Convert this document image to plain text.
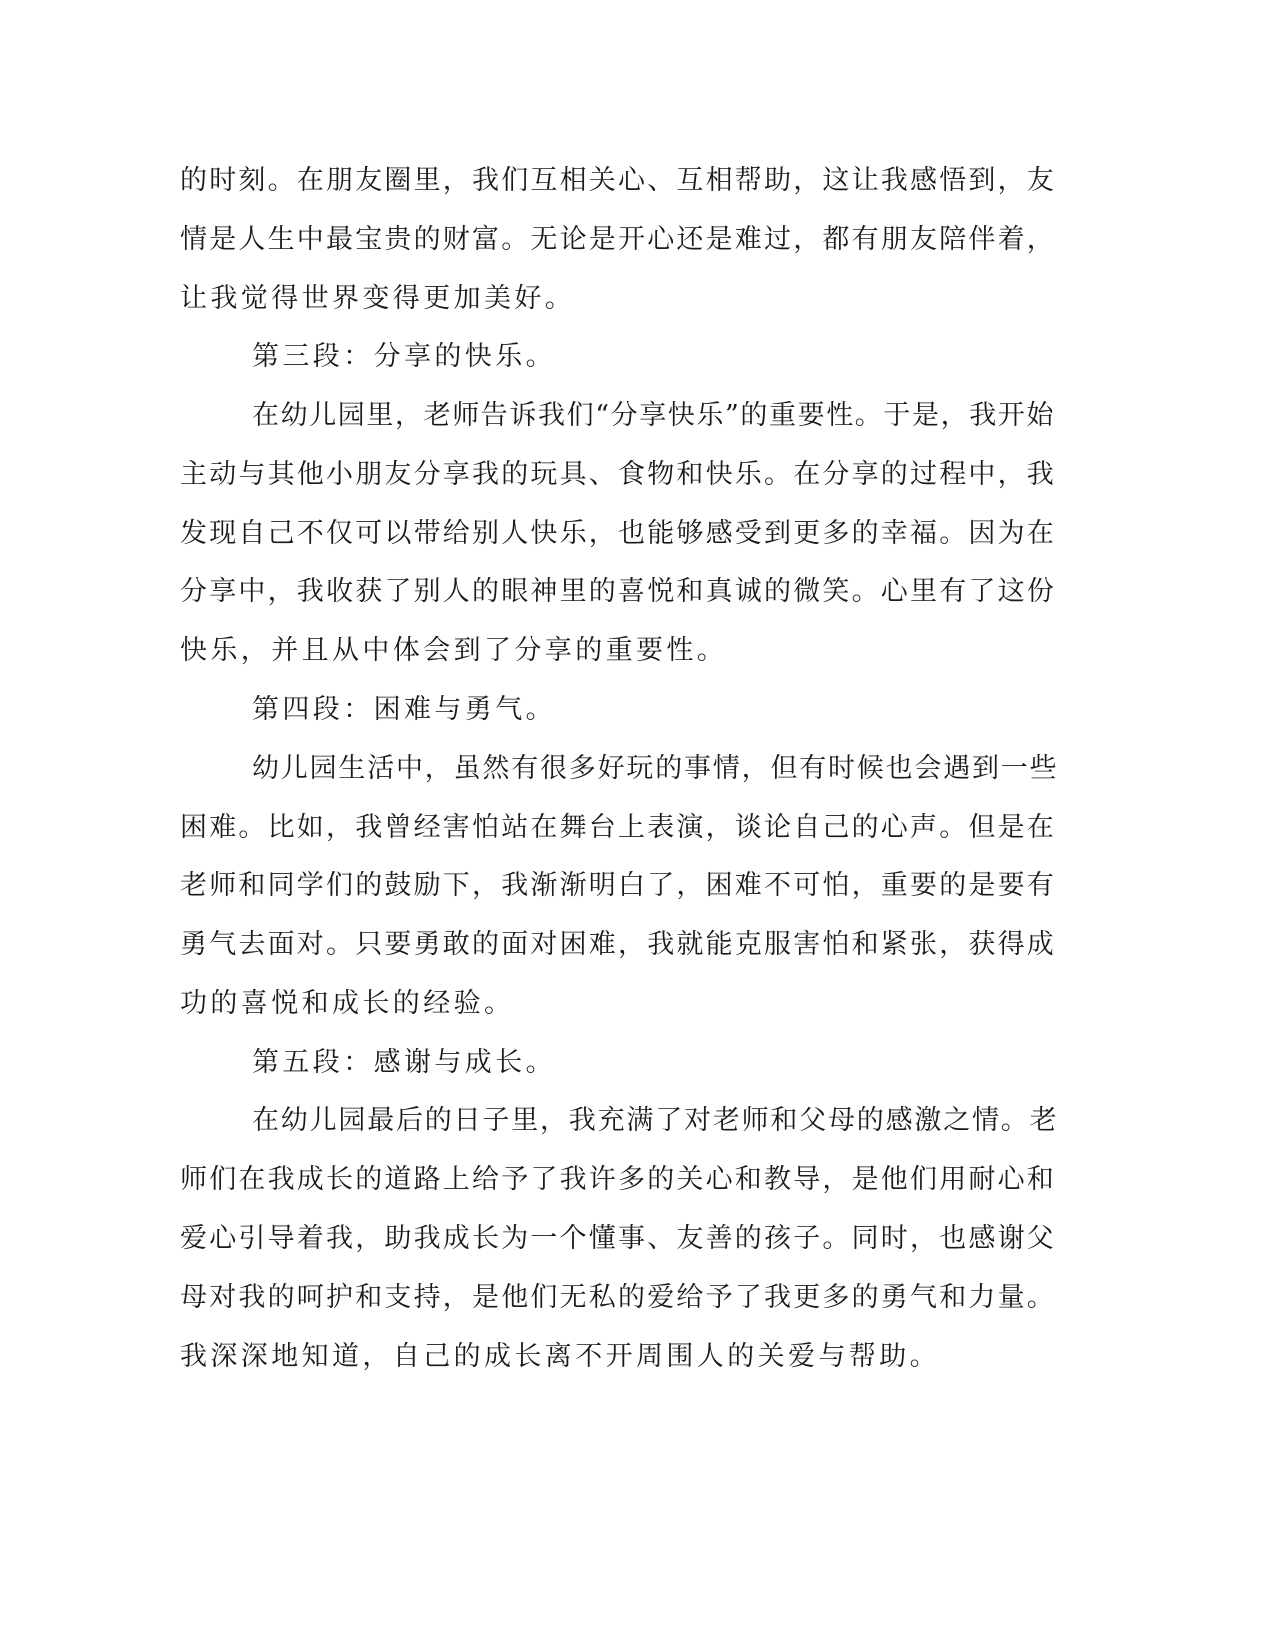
的时刻。在朋友圈里，我们互相关心、互相帮助，这让我感悟到，友
情是人生中最宝贵的财富。无论是开心还是难过，都有朋友陪伴着，
让我觉得世界变得更加美好。
第三段：分享的快乐。
在幼儿园里，老师告诉我们“分享快乐”的重要性。于是，我开始
主动与其他小朋友分享我的玩具、食物和快乐。在分享的过程中，我
发现自己不仅可以带给别人快乐，也能够感受到更多的幸福。因为在
分享中，我收获了别人的眼神里的喜悦和真诚的微笑。心里有了这份
快乐，并且从中体会到了分享的重要性。
第四段：困难与勇气。
幼儿园生活中，虽然有很多好玩的事情，但有时候也会遇到一些
困难。比如，我曾经害怕站在舞台上表演，谈论自己的心声。但是在
老师和同学们的鼓励下，我渐渐明白了，困难不可怕，重要的是要有
勇气去面对。只要勇敢的面对困难，我就能克服害怕和紧张，获得成
功的喜悦和成长的经验。
第五段：感谢与成长。
在幼儿园最后的日子里，我充满了对老师和父母的感激之情。老
师们在我成长的道路上给予了我许多的关心和教导，是他们用耐心和
爱心引导着我，助我成长为一个懂事、友善的孩子。同时，也感谢父
母对我的呵护和支持，是他们无私的爱给予了我更多的勇气和力量。
我深深地知道，自己的成长离不开周围人的关爱与帮助。
